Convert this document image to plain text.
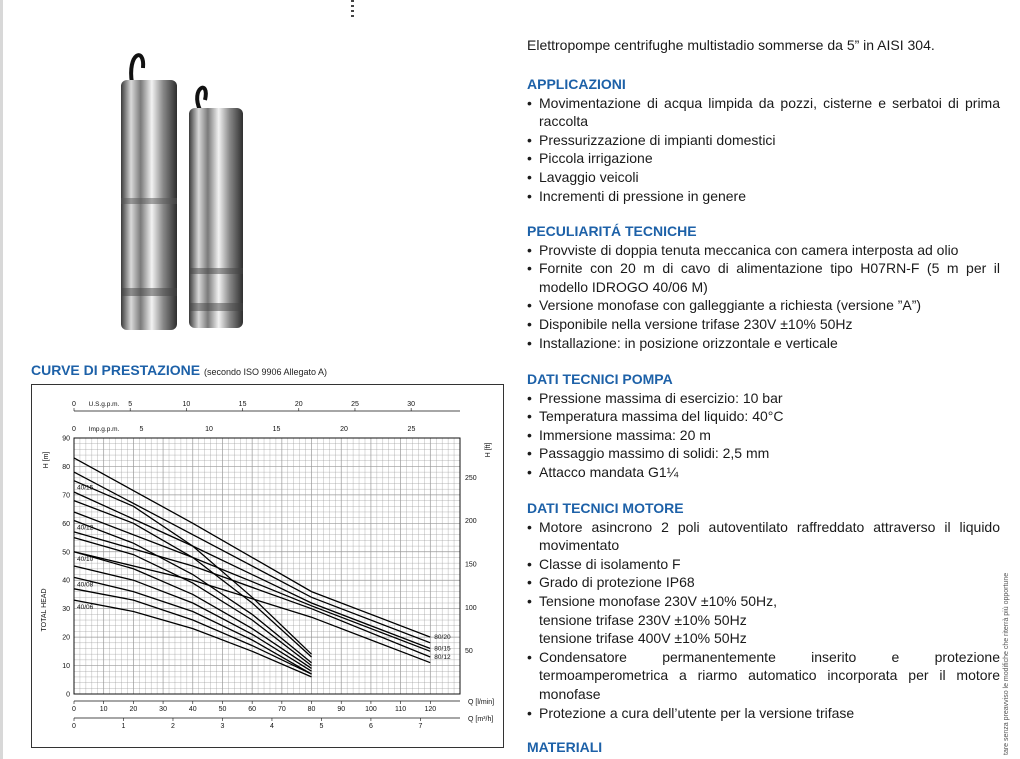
CURVE DI PRESTAZIONE (secondo ISO 9906 Allegato A)
0
10
20
30
40
50
60
70
80
90
H [m]
TOTAL HEAD
50
100
150
200
250
H [ft]
0	10	20	30	40	50	60	70	80	90	100	110	120
Q [l/min]
0	1	2	3	4	5	6	7
Q [m³/h]
0	5	10	15	20	25	30
U.S.g.p.m.
0	5	10	15	20	25
Imp.g.p.m.
40/15
40/12
40/10
40/08
40/06
80/20
80/15
80/12
Elettropompe centrifughe multistadio sommerse da 5” in AISI 304.
APPLICAZIONI
• Movimentazione di acqua limpida da pozzi, cisterne e serbatoi di prima raccolta
• Pressurizzazione di impianti domestici
• Piccola irrigazione
• Lavaggio veicoli
• Incrementi di pressione in genere
PECULIARITÁ TECNICHE
• Provviste di doppia tenuta meccanica con camera interposta ad olio
• Fornite con 20 m di cavo di alimentazione tipo H07RN-F (5 m per il modello IDROGO 40/06 M)
• Versione monofase con galleggiante a richiesta (versione ”A”)
• Disponibile nella versione trifase 230V ±10% 50Hz
• Installazione: in posizione orizzontale e verticale
DATI TECNICI POMPA
• Pressione massima di esercizio: 10 bar
• Temperatura massima del liquido: 40°C
• Immersione massima: 20 m
• Passaggio massimo di solidi: 2,5 mm
• Attacco mandata G1¼
DATI TECNICI MOTORE
• Motore asincrono 2 poli autoventilato raffreddato attraverso il liquido movimentato
• Classe di isolamento F
• Grado di protezione IP68
• Tensione monofase 230V ±10% 50Hz,
tensione trifase 230V ±10% 50Hz
tensione trifase 400V ±10% 50Hz
• Condensatore permanentemente inserito e protezione termoamperometrica a riarmo automatico incorporata per il motore monofase
• Protezione a cura dell’utente per la versione trifase
MATERIALI	tare senza preavviso le modifiche che riterrà più opportune
